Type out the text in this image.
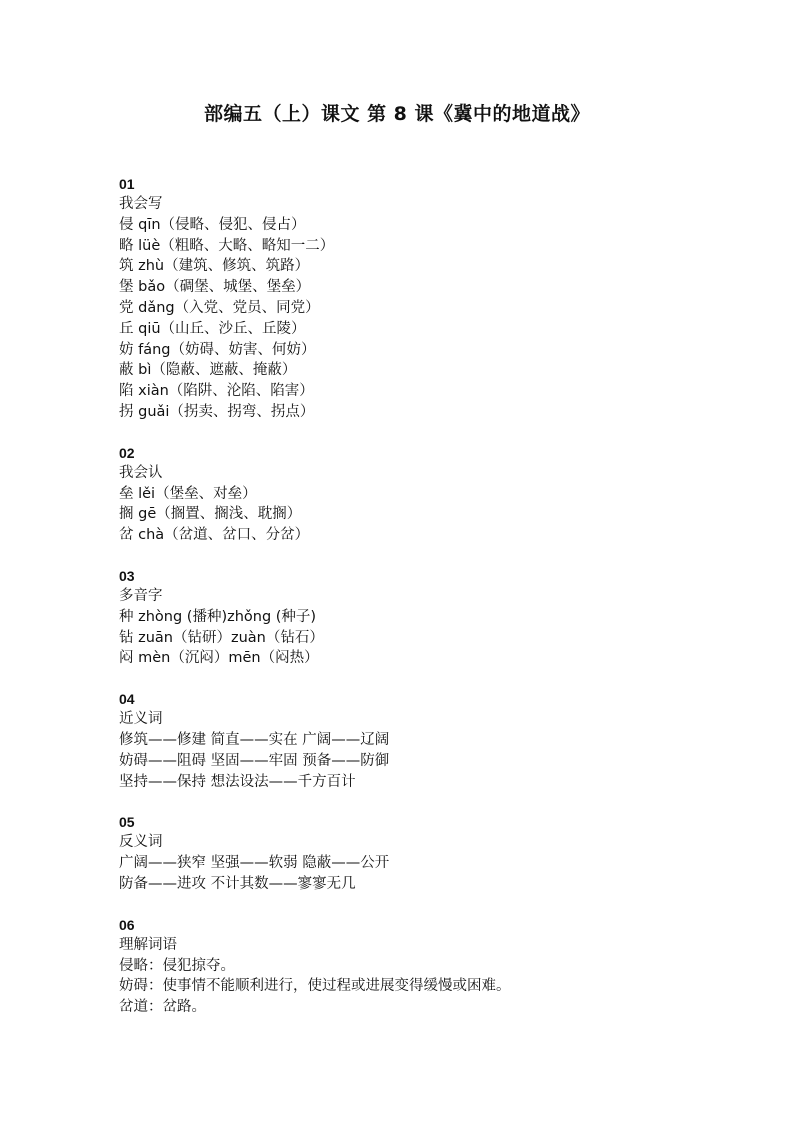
部编五（上）课文 第 8 课《冀中的地道战》
01
我会写
侵 qīn（侵略、侵犯、侵占）
略 lüè（粗略、大略、略知一二）
筑 zhù（建筑、修筑、筑路）
堡 bǎo（碉堡、城堡、堡垒）
党 dǎng（入党、党员、同党）
丘 qiū（山丘、沙丘、丘陵）
妨 fáng（妨碍、妨害、何妨）
蔽 bì（隐蔽、遮蔽、掩蔽）
陷 xiàn（陷阱、沦陷、陷害）
拐 guǎi（拐卖、拐弯、拐点）
02
我会认
垒 lěi（堡垒、对垒）
搁 gē（搁置、搁浅、耽搁）
岔 chà（岔道、岔口、分岔）
03
多音字
种 zhòng (播种)zhǒng (种子)
钻 zuān（钻研）zuàn（钻石）
闷 mèn（沉闷）mēn（闷热）
04
近义词
修筑——修建 简直——实在 广阔——辽阔
妨碍——阻碍 坚固——牢固 预备——防御
坚持——保持 想法设法——千方百计
05
反义词
广阔——狭窄 坚强——软弱 隐蔽——公开
防备——进攻 不计其数——寥寥无几
06
理解词语
侵略：侵犯掠夺。
妨碍：使事情不能顺利进行，使过程或进展变得缓慢或困难。
岔道：岔路。
